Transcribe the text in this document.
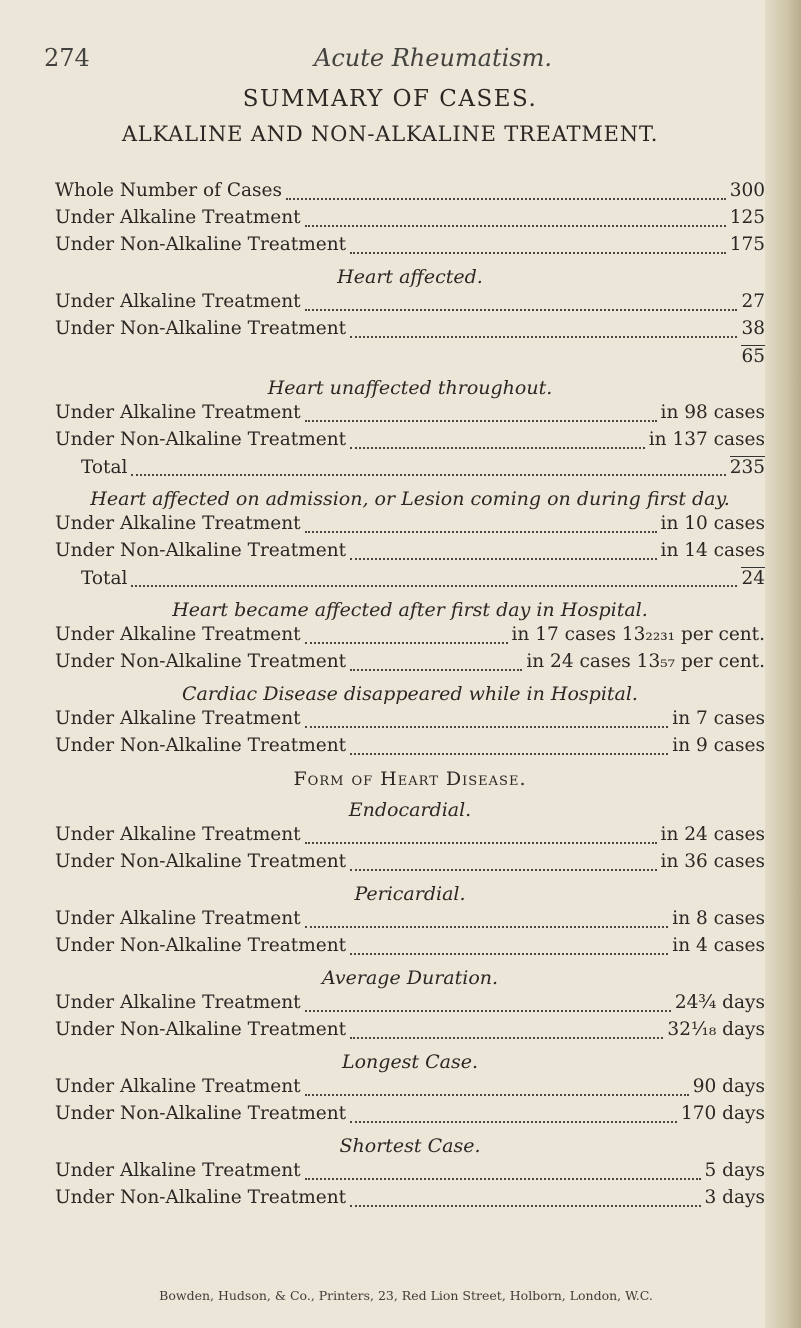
274	Acute Rheumatism.
SUMMARY OF CASES.
ALKALINE AND NON-ALKALINE TREATMENT.
Whole Number of Cases	300
Under Alkaline Treatment	125
Under Non-Alkaline Treatment	175
Heart affected.
Under Alkaline Treatment	27
Under Non-Alkaline Treatment	38
65
Heart unaffected throughout.
Under Alkaline Treatment	in 98 cases
Under Non-Alkaline Treatment	in 137 cases
Total	235
Heart affected on admission, or Lesion coming on during first day.
Under Alkaline Treatment	in 10 cases
Under Non-Alkaline Treatment	in 14 cases
Total	24
Heart became affected after first day in Hospital.
Under Alkaline Treatment	in 17 cases 13₂₂₃₁ per cent.
Under Non-Alkaline Treatment	in 24 cases 13₅₇ per cent.
Cardiac Disease disappeared while in Hospital.
Under Alkaline Treatment	in 7 cases
Under Non-Alkaline Treatment	in 9 cases
Form of Heart Disease.
Endocardial.
Under Alkaline Treatment	in 24 cases
Under Non-Alkaline Treatment	in 36 cases
Pericardial.
Under Alkaline Treatment	in 8 cases
Under Non-Alkaline Treatment	in 4 cases
Average Duration.
Under Alkaline Treatment	24¾ days
Under Non-Alkaline Treatment	32¹⁄₁₈ days
Longest Case.
Under Alkaline Treatment	90 days
Under Non-Alkaline Treatment	170 days
Shortest Case.
Under Alkaline Treatment	5 days
Under Non-Alkaline Treatment	3 days
Bowden, Hudson, & Co., Printers, 23, Red Lion Street, Holborn, London, W.C.
